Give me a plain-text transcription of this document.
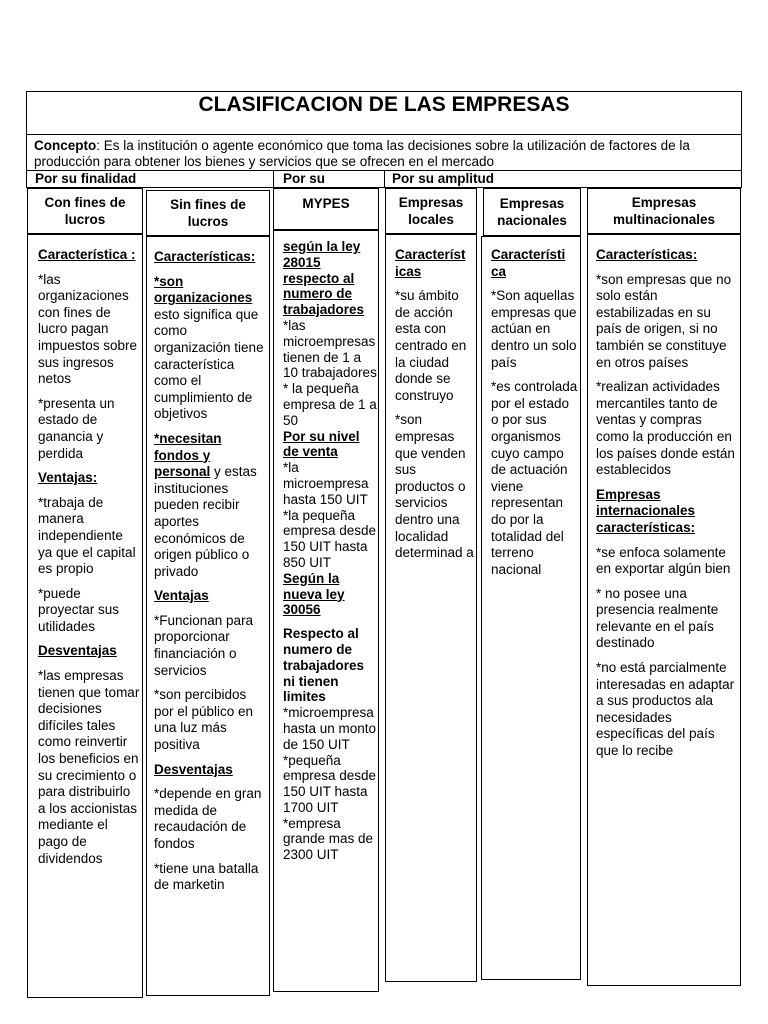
CLASIFICACION DE LAS EMPRESAS
Concepto: Es la institución o agente económico que toma las decisiones sobre la utilización de factores de la producción para obtener los bienes y servicios que se ofrecen en el mercado
Por su finalidad	Por su	Por su amplitud
Con fines de lucros

Característica :

*las organizaciones con fines de lucro pagan impuestos sobre sus ingresos netos

*presenta un estado de ganancia y perdida

Ventajas:

*trabaja de manera independiente ya que el capital es propio

*puede proyectar sus utilidades

Desventajas

*las empresas tienen que tomar decisiones difíciles tales como reinvertir los beneficios en su crecimiento o para distribuirlo a los accionistas mediante el pago de dividendos

Sin fines de lucros

Características:

*son organizaciones esto significa que como organización tiene característica como el cumplimiento de objetivos

*necesitan fondos y personal y estas instituciones pueden recibir aportes económicos de origen público o privado

Ventajas

*Funcionan para proporcionar financiación o servicios

*son percibidos por el público en una luz más positiva

Desventajas

*depende en gran medida de recaudación de fondos

*tiene una batalla de marketin

MYPES

según la ley 28015 respecto al numero de trabajadores

*las microempresas tienen de 1 a 10 trabajadores
* la pequeña empresa de 1 a 50

Por su nivel de venta

*la microempresa hasta 150 UIT
*la pequeña empresa desde 150 UIT hasta 850 UIT

Según la nueva ley 30056

Respecto al numero de trabajadores ni tienen limites

*microempresa hasta un monto de 150 UIT
*pequeña empresa desde 150 UIT hasta 1700 UIT
*empresa grande mas de 2300 UIT

Empresas locales

Característ icas

*su ámbito de acción esta con centrado en la ciudad donde se construyo

*son empresas que venden sus productos o servicios dentro una localidad determinad a

Empresas nacionales

Característi ca

*Son aquellas empresas que actúan en dentro un solo país

*es controlada por el estado o por sus organismos cuyo campo de actuación viene representan do por la totalidad del terreno nacional

Empresas multinacionales

Características:

*son empresas que no solo están estabilizadas en su país de origen, si no también se constituye en otros países

*realizan actividades mercantiles tanto de ventas y compras como la producción en los países donde están establecidos

Empresas internacionales características:

*se enfoca solamente en exportar algún bien

* no posee una presencia realmente relevante en el país destinado

*no está parcialmente interesadas en adaptar a sus productos ala necesidades específicas del país que lo recibe
